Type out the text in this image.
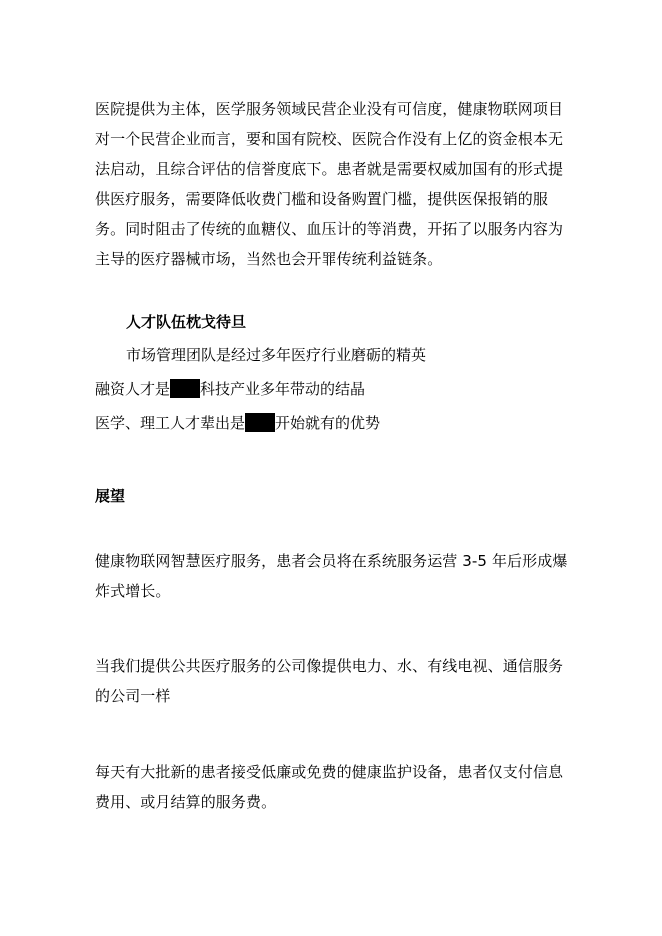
医院提供为主体，医学服务领域民营企业没有可信度，健康物联网项目对一个民营企业而言，要和国有院校、医院合作没有上亿的资金根本无法启动，且综合评估的信誉度底下。患者就是需要权威加国有的形式提供医疗服务，需要降低收费门槛和设备购置门槛，提供医保报销的服务。同时阻击了传统的血糖仪、血压计的等消费，开拓了以服务内容为主导的医疗器械市场，当然也会开罪传统利益链条。
人才队伍枕戈待旦
市场管理团队是经过多年医疗行业磨砺的精英
融资人才是 科技产业多年带动的结晶
医学、理工人才辈出是 开始就有的优势
展望
健康物联网智慧医疗服务，患者会员将在系统服务运营 3-5 年后形成爆炸式增长。
当我们提供公共医疗服务的公司像提供电力、水、有线电视、通信服务的公司一样
每天有大批新的患者接受低廉或免费的健康监护设备，患者仅支付信息费用、或月结算的服务费。
